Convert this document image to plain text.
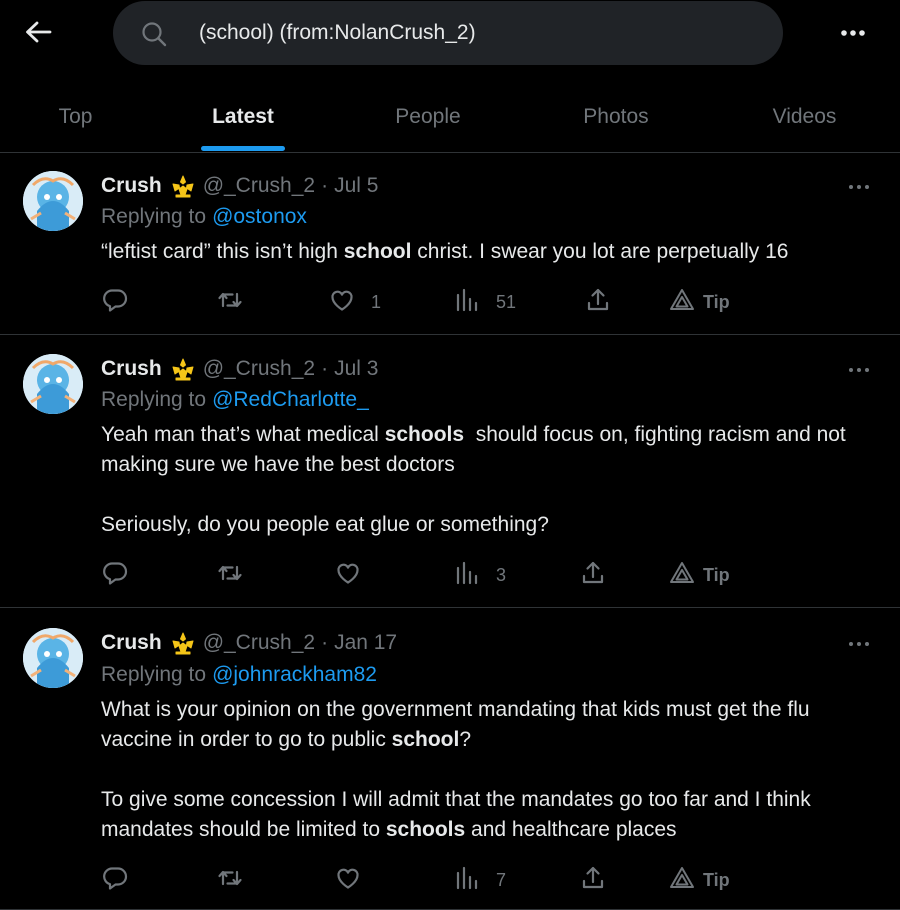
(school) (from:NolanCrush_2)
Top	Latest	People	Photos	Videos
Crush @_Crush_2 · Jul 5
Replying to @ostonox

“leftist card” this isn’t high school christ. I swear you lot are perpetually 16

1	51	Tip
Crush @_Crush_2 · Jul 3
Replying to @RedCharlotte_

Yeah man that’s what medical schools  should focus on, fighting racism and not making sure we have the best doctors

Seriously, do you people eat glue or something?

3	Tip
Crush @_Crush_2 · Jan 17
Replying to @johnrackham82

What is your opinion on the government mandating that kids must get the flu vaccine in order to go to public school?

To give some concession I will admit that the mandates go too far and I think mandates should be limited to schools and healthcare places

7	Tip
